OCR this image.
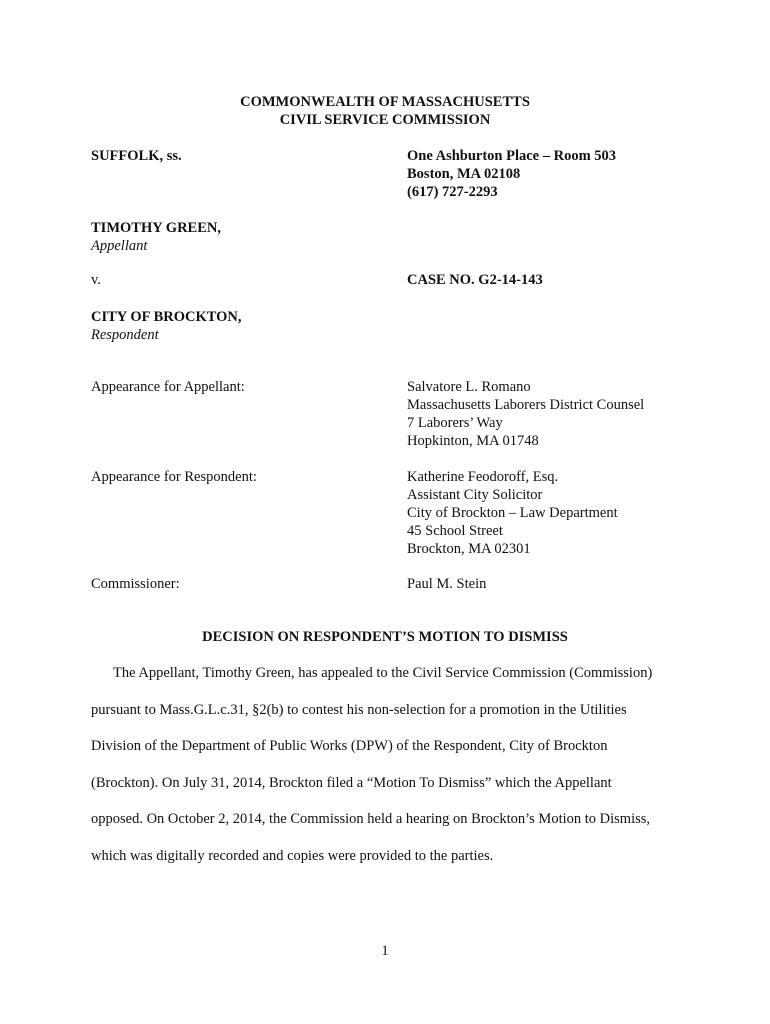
COMMONWEALTH OF MASSACHUSETTS
CIVIL SERVICE COMMISSION
SUFFOLK, ss.	One Ashburton Place – Room 503
Boston, MA 02108
(617) 727-2293
TIMOTHY GREEN,
Appellant
v.	CASE NO. G2-14-143
CITY OF BROCKTON,
Respondent
Appearance for Appellant:	Salvatore L. Romano
Massachusetts Laborers District Counsel
7 Laborers’ Way
Hopkinton, MA 01748
Appearance for Respondent:	Katherine Feodoroff, Esq.
Assistant City Solicitor
City of Brockton – Law Department
45 School Street
Brockton, MA 02301
Commissioner:	Paul M. Stein
DECISION ON RESPONDENT’S MOTION TO DISMISS
The Appellant, Timothy Green, has appealed to the Civil Service Commission (Commission)
pursuant to Mass.G.L.c.31, §2(b) to contest his non-selection for a promotion in the Utilities
Division of the Department of Public Works (DPW) of the Respondent, City of Brockton
(Brockton). On July 31, 2014, Brockton filed a “Motion To Dismiss” which the Appellant
opposed. On October 2, 2014, the Commission held a hearing on Brockton’s Motion to Dismiss,
which was digitally recorded and copies were provided to the parties.
1
